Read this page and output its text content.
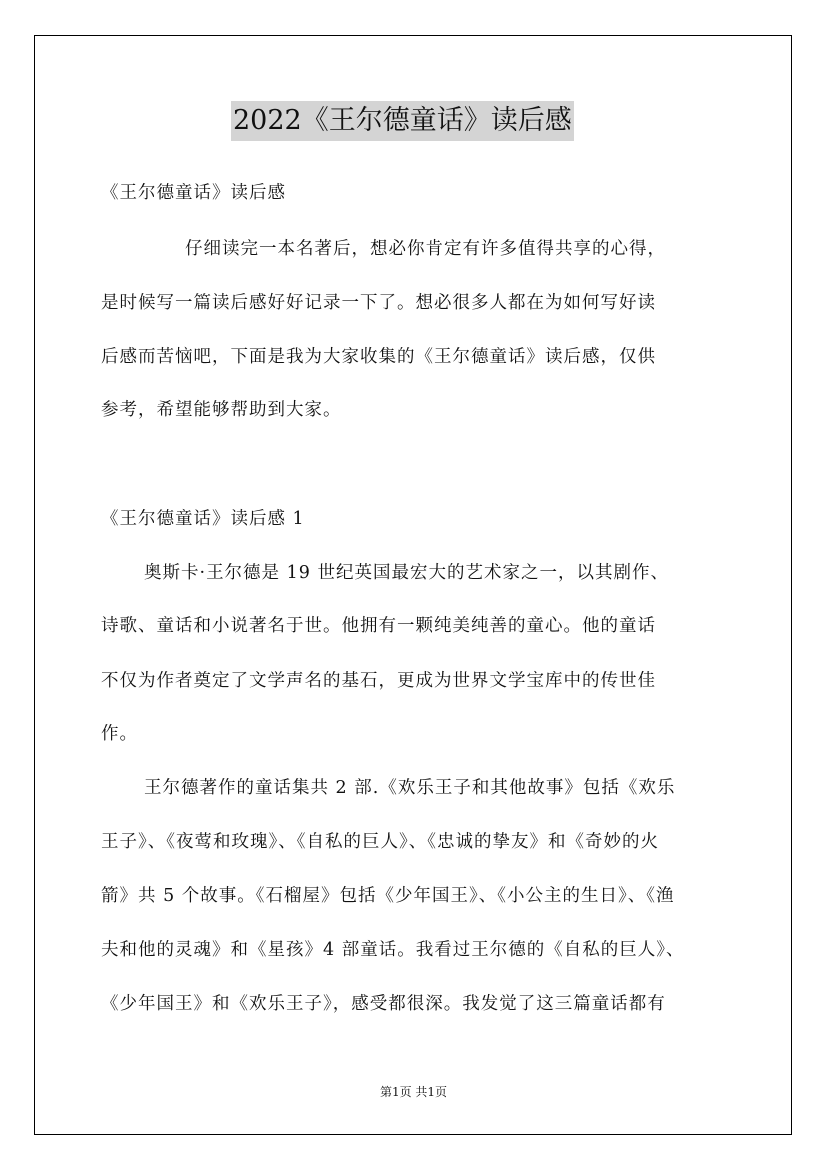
2022《王尔德童话》读后感
《王尔德童话》读后感
仔细读完一本名著后，想必你肯定有许多值得共享的心得，
是时候写一篇读后感好好记录一下了。想必很多人都在为如何写好读
后感而苦恼吧，下面是我为大家收集的《王尔德童话》读后感，仅供
参考，希望能够帮助到大家。
《王尔德童话》读后感 1
奥斯卡·王尔德是 19 世纪英国最宏大的艺术家之一，以其剧作、
诗歌、童话和小说著名于世。他拥有一颗纯美纯善的童心。他的童话
不仅为作者奠定了文学声名的基石，更成为世界文学宝库中的传世佳
作。
王尔德著作的童话集共 2 部.《欢乐王子和其他故事》包括《欢乐
王子》、《夜莺和玫瑰》、《自私的巨人》、《忠诚的挚友》和《奇妙的火
箭》共 5 个故事。《石榴屋》包括《少年国王》、《小公主的生日》、《渔
夫和他的灵魂》和《星孩》4 部童话。我看过王尔德的《自私的巨人》、
《少年国王》和《欢乐王子》，感受都很深。我发觉了这三篇童话都有
第1页 共1页
